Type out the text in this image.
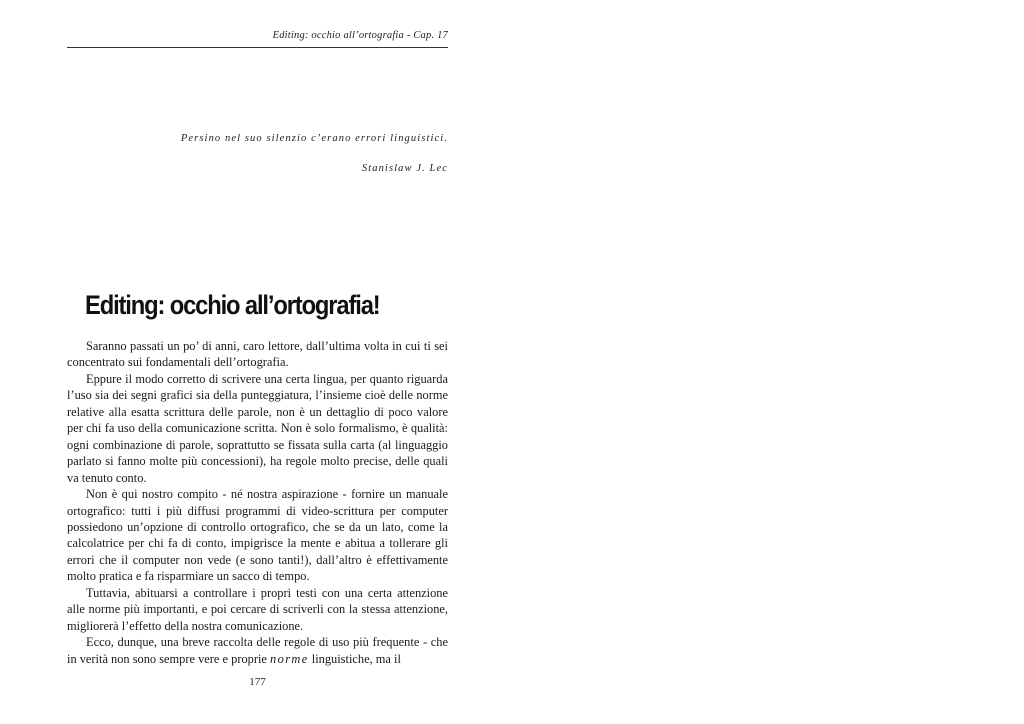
Editing: occhio all’ortografia - Cap. 17
Persino nel suo silenzio c’erano errori linguistici.
Stanislaw J. Lec
Editing: occhio all’ortografia!

Saranno passati un po’ di anni, caro lettore, dall’ultima volta in cui ti sei concentrato sui fondamentali dell’ortografia.

Eppure il modo corretto di scrivere una certa lingua, per quanto riguarda l’uso sia dei segni grafici sia della punteggiatura, l’insieme cioè delle norme relative alla esatta scrittura delle parole, non è un dettaglio di poco valore per chi fa uso della comunicazione scritta. Non è solo formalismo, è qualità: ogni combinazione di parole, soprattutto se fissata sulla carta (al linguaggio parlato si fanno molte più concessioni), ha regole molto precise, delle quali va tenuto conto.

Non è qui nostro compito - né nostra aspirazione - fornire un manuale ortografico: tutti i più diffusi programmi di video-scrittura per computer possiedono un’opzione di controllo ortografico, che se da un lato, come la calcolatrice per chi fa di conto, impigrisce la mente e abitua a tollerare gli errori che il computer non vede (e sono tanti!), dall’altro è effettivamente molto pratica e fa risparmiare un sacco di tempo.

Tuttavia, abituarsi a controllare i propri testi con una certa attenzione alle norme più importanti, e poi cercare di scriverli con la stessa attenzione, migliorerà l’effetto della nostra comunicazione.

Ecco, dunque, una breve raccolta delle regole di uso più frequente - che in verità non sono sempre vere e proprie norme linguistiche, ma il

177
